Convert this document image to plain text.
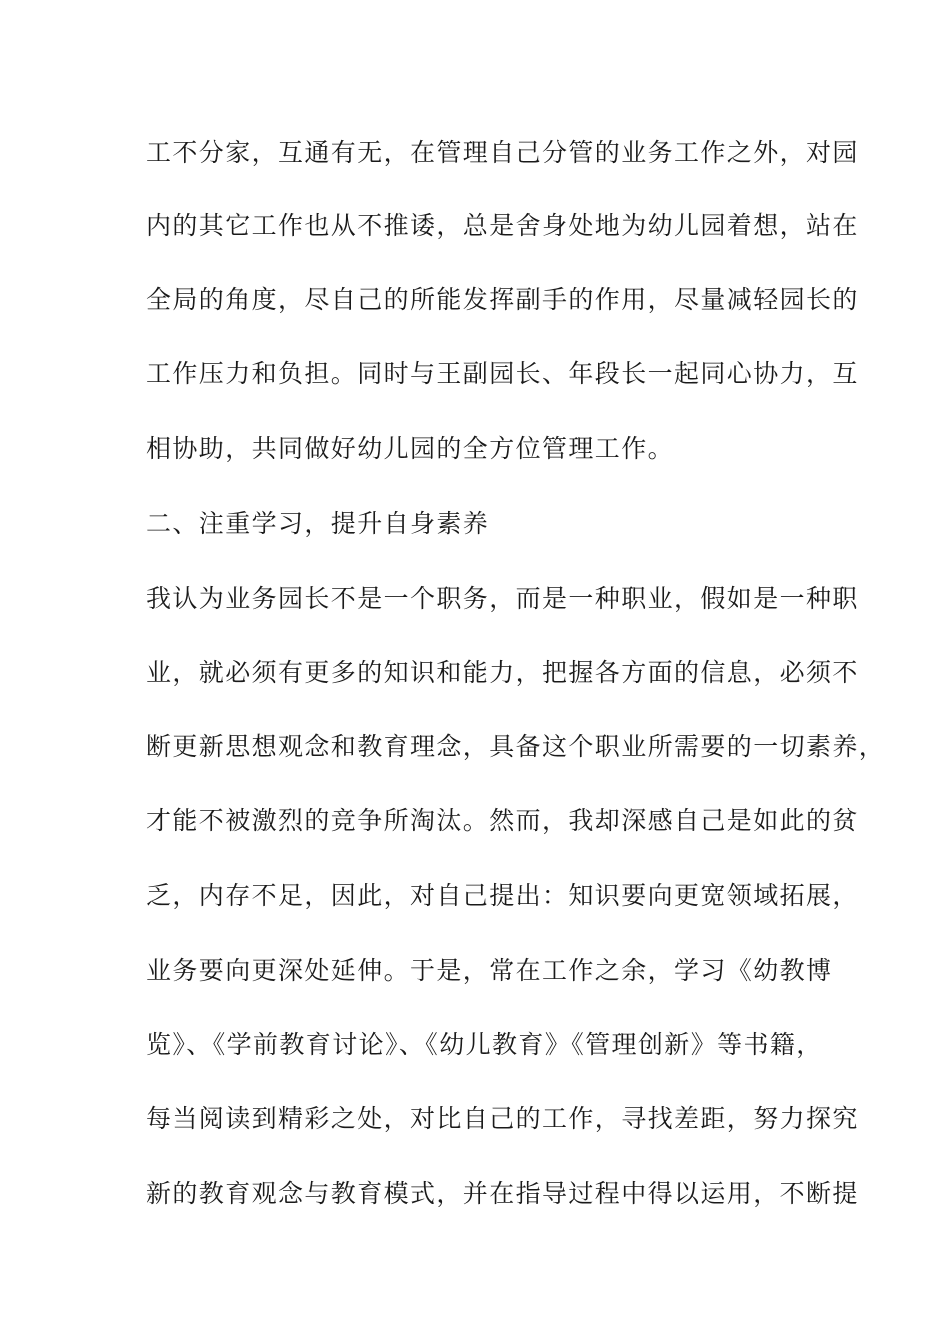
工不分家，互通有无，在管理自己分管的业务工作之外，对园
内的其它工作也从不推诿，总是舍身处地为幼儿园着想，站在
全局的角度，尽自己的所能发挥副手的作用，尽量减轻园长的
工作压力和负担。同时与王副园长、年段长一起同心协力，互
相协助，共同做好幼儿园的全方位管理工作。
二、注重学习，提升自身素养
我认为业务园长不是一个职务，而是一种职业，假如是一种职
业，就必须有更多的知识和能力，把握各方面的信息，必须不
断更新思想观念和教育理念，具备这个职业所需要的一切素养，
才能不被激烈的竞争所淘汰。然而，我却深感自己是如此的贫
乏，内存不足，因此，对自己提出：知识要向更宽领域拓展，
业务要向更深处延伸。于是，常在工作之余，学习《幼教博
览》、《学前教育讨论》、《幼儿教育》《管理创新》等书籍，
每当阅读到精彩之处，对比自己的工作，寻找差距，努力探究
新的教育观念与教育模式，并在指导过程中得以运用，不断提
